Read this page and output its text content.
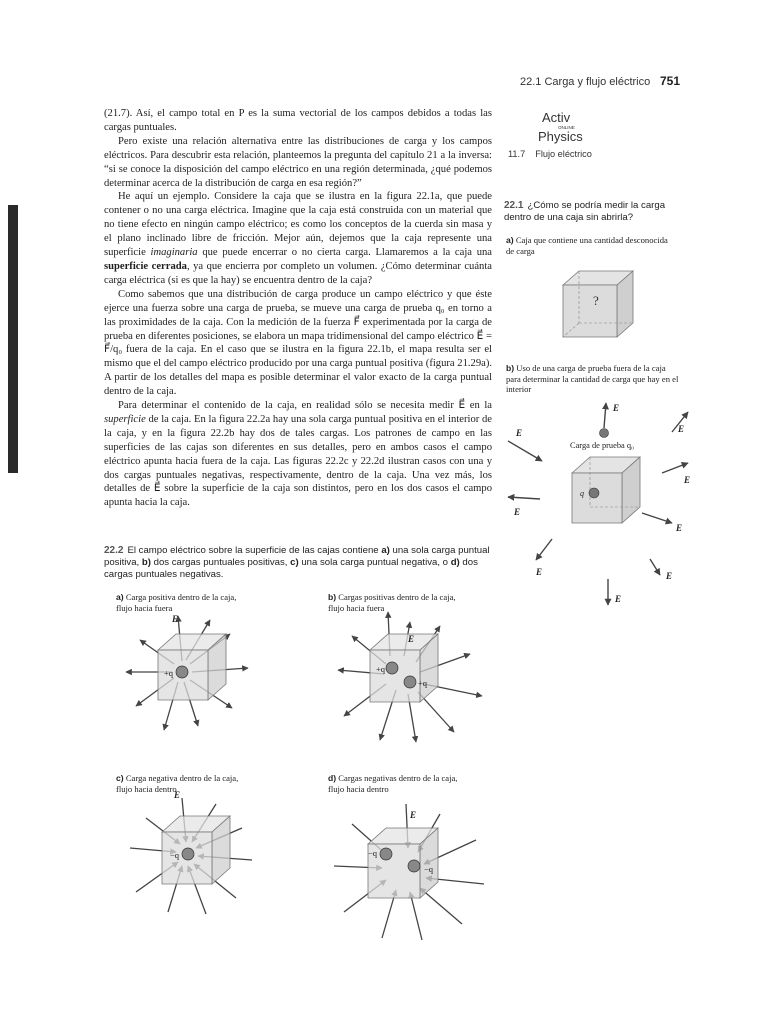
22.1 Carga y flujo eléctrico 751

(21.7). Así, el campo total en P es la suma vectorial de los campos debidos a todas las cargas puntuales.

Pero existe una relación alternativa entre las distribuciones de carga y los campos eléctricos. Para descubrir esta relación, planteemos la pregunta del capítulo 21 a la inversa: “si se conoce la disposición del campo eléctrico en una región determinada, ¿qué podemos determinar acerca de la distribución de carga en esa región?”

He aquí un ejemplo. Considere la caja que se ilustra en la figura 22.1a, que puede contener o no una carga eléctrica. Imagine que la caja está construida con un material que no tiene efecto en ningún campo eléctrico; es como los conceptos de la cuerda sin masa y el plano inclinado libre de fricción. Mejor aún, dejemos que la caja represente una superficie imaginaria que puede encerrar o no cierta carga. Llamaremos a la caja una superficie cerrada, ya que encierra por completo un volumen. ¿Cómo determinar cuánta carga eléctrica (si es que la hay) se encuentra dentro de la caja?

Como sabemos que una distribución de carga produce un campo eléctrico y que éste ejerce una fuerza sobre una carga de prueba, se mueve una carga de prueba q₀ en torno a las proximidades de la caja. Con la medición de la fuerza F⃗ experimentada por la carga de prueba en diferentes posiciones, se elabora un mapa tridimensional del campo eléctrico E⃗ = F⃗/q₀ fuera de la caja. En el caso que se ilustra en la figura 22.1b, el mapa resulta ser el mismo que el del campo eléctrico producido por una carga puntual positiva (figura 21.29a). A partir de los detalles del mapa es posible determinar el valor exacto de la carga puntual dentro de la caja.

Para determinar el contenido de la caja, en realidad sólo se necesita medir E⃗ en la superficie de la caja. En la figura 22.2a hay una sola carga puntual positiva en el interior de la caja, y en la figura 22.2b hay dos de tales cargas. Los patrones de campo en las superficies de las cajas son diferentes en sus detalles, pero en ambos casos el campo eléctrico apunta hacia fuera de la caja. Las figuras 22.2c y 22.2d ilustran casos con una y dos cargas puntuales negativas, respectivamente, dentro de la caja. Una vez más, los detalles de E⃗ sobre la superficie de la caja son distintos, pero en los dos casos el campo apunta hacia la caja.

Activ
ONLINE
Physics
11.7 Flujo eléctrico
22.1 ¿Cómo se podría medir la carga dentro de una caja sin abrirla?
a) Caja que contiene una cantidad desconocida de carga
?
b) Uso de una carga de prueba fuera de la caja para determinar la cantidad de carga que hay en el interior
q
Carga de prueba q₀
E⃗
E⃗
E⃗
E⃗
E⃗
E⃗
E⃗	E⃗
E⃗
22.2 El campo eléctrico sobre la superficie de las cajas contiene a) una sola carga puntual positiva, b) dos cargas puntuales positivas, c) una sola carga puntual negativa, o d) dos cargas puntuales negativas.
a) Carga positiva dentro de la caja, flujo hacia fuera
b) Cargas positivas dentro de la caja, flujo hacia fuera
c) Carga negativa dentro de la caja, flujo hacia dentro
d) Cargas negativas dentro de la caja, flujo hacia dentro
+q
E⃗
+q
+q
E⃗
−q
E⃗
−q
−q
E⃗
